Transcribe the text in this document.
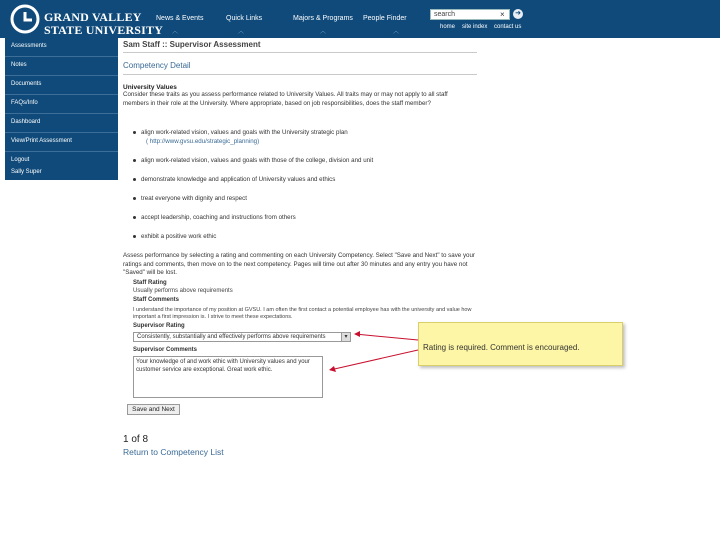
GRAND VALLEY
STATE UNIVERSITY
News & Events
︿
Quick Links
︿
Majors & Programs
︿
People Finder
︿
search	× ➜
home site index contact us
Assessments
Notes
Documents
FAQs/Info
Dashboard
View/Print Assessment
Logout
Sally Super
Sam Staff :: Supervisor Assessment
Competency Detail
University Values
Consider these traits as you assess performance related to University Values. All traits may or may not apply to all staff members in their role at the University. Where appropriate, based on job responsibilities, does the staff member?
align work-related vision, values and goals with the University strategic plan
( http://www.gvsu.edu/strategic_planning)
align work-related vision, values and goals with those of the college, division and unit
demonstrate knowledge and application of University values and ethics
treat everyone with dignity and respect
accept leadership, coaching and instructions from others
exhibit a positive work ethic
Assess performance by selecting a rating and commenting on each University Competency. Select "Save and Next" to save your ratings and comments, then move on to the next competency. Pages will time out after 30 minutes and any entry you have not "Saved" will be lost.
Staff Rating
Usually performs above requirements
Staff Comments
I understand the importance of my position at GVSU. I am often the first contact a potential employee has with the university and value how important a first impression is. I strive to meet these expectations.
Supervisor Rating
Consistently, substantially and effectively performs above requirements	▾
Supervisor Comments
Your knowledge of and work ethic with University values and your customer service are exceptional. Great work ethic.
Save and Next
1 of 8
Return to Competency List
Rating is required. Comment is encouraged.
